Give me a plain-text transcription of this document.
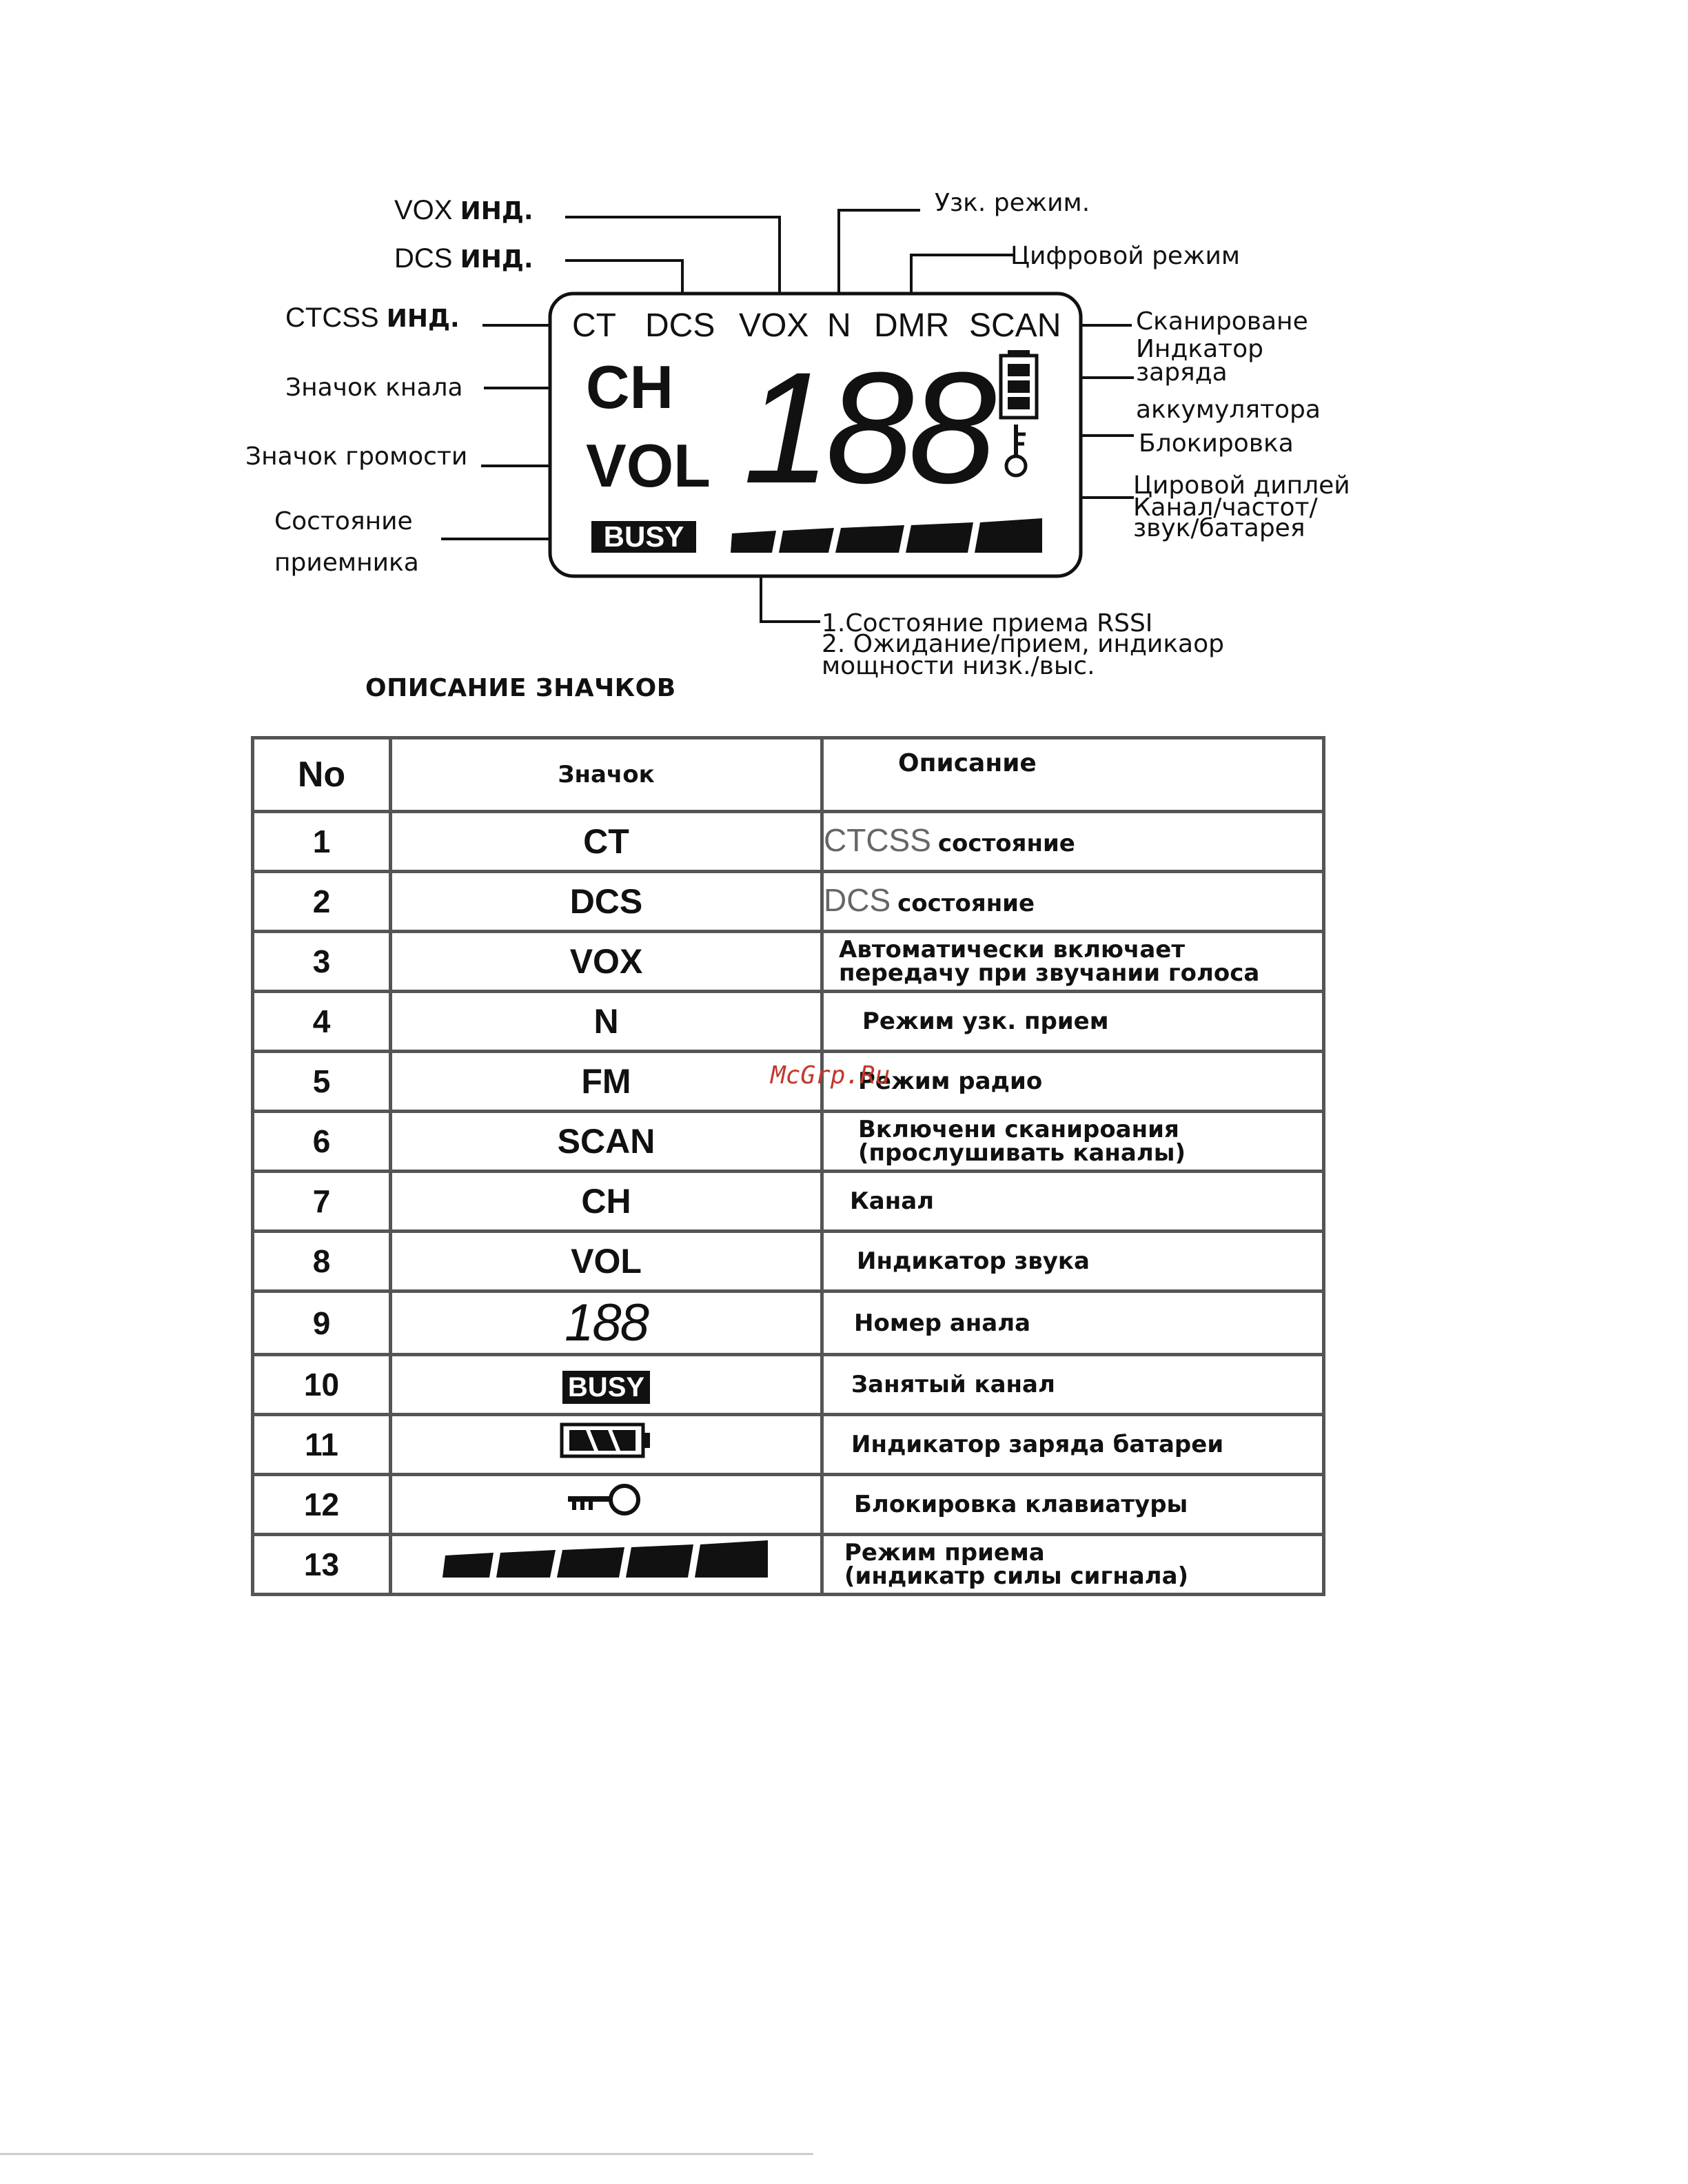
VOX ИНД.
DCS ИНД.
CTCSS ИНД.
Узк. режим.
Цифровой режим
Сканироване
Индкатор
заряда
аккумулятора
Блокировка
Значок кнала
Значок громости
Состояние
приемника
Цировой диплей
Канал/частот/
звук/батарея
1.Состояние приема RSSI
2. Ожидание/прием, индикаор
мощности низк./выс.
CT DCS VOX N DMR SCAN
CH
VOL 188
BUSY
ОПИСАНИЕ ЗНАЧКОВ
No	Значок	Описание
1	CT	CTCSS состояние
2	DCS	DCS состояние
3	VOX	Автоматически включает
передачу при звучании голоса

4	N	Режим узк. прием
5	FM	Режим радио
6	SCAN	Включени сканироания
(прослушивать каналы)

7	CH	Канал
8	VOL	Индикатор звука
9	188	Номер анала
10	BUSY	Занятый канал
11		Индикатор заряда батареи
12		Блокировка клавиатуры
13		Режим приема
(индикатр силы сигнала)
McGrp.Ru
